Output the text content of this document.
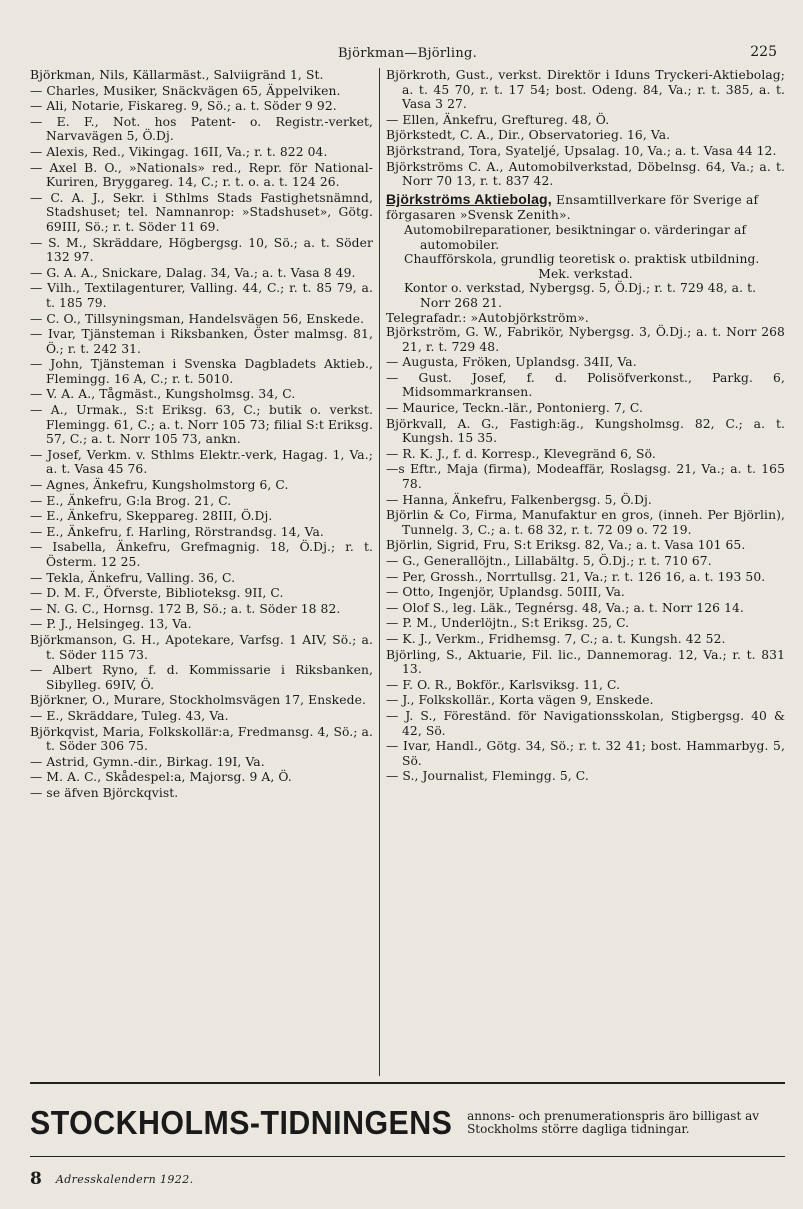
Björkman—Björling.	225

Björkman, Nils, Källarmäst., Salviigränd 1, St.

— Charles, Musiker, Snäckvägen 65, Äppelviken.

— Ali, Notarie, Fiskareg. 9, Sö.; a. t. Söder 9 92.

— E. F., Not. hos Patent- o. Registr.-verket, Narvavägen 5, Ö.Dj.

— Alexis, Red., Vikingag. 16II, Va.; r. t. 822 04.

— Axel B. O., »Nationals» red., Repr. för National-Kuriren, Bryggareg. 14, C.; r. t. o. a. t. 124 26.

— C. A. J., Sekr. i Sthlms Stads Fastighetsnämnd, Stadshuset; tel. Namnanrop: »Stadshuset», Götg. 69III, Sö.; r. t. Söder 11 69.

— S. M., Skräddare, Högbergsg. 10, Sö.; a. t. Söder 132 97.

— G. A. A., Snickare, Dalag. 34, Va.; a. t. Vasa 8 49.

— Vilh., Textilagenturer, Valling. 44, C.; r. t. 85 79, a. t. 185 79.

— C. O., Tillsyningsman, Handelsvägen 56, Enskede.

— Ivar, Tjänsteman i Riksbanken, Öster malmsg. 81, Ö.; r. t. 242 31.

— John, Tjänsteman i Svenska Dagbladets Aktieb., Flemingg. 16 A, C.; r. t. 5010.

— V. A. A., Tågmäst., Kungsholmsg. 34, C.

— A., Urmak., S:t Eriksg. 63, C.; butik o. verkst. Flemingg. 61, C.; a. t. Norr 105 73; filial S:t Eriksg. 57, C.; a. t. Norr 105 73, ankn.

— Josef, Verkm. v. Sthlms Elektr.-verk, Hagag. 1, Va.; a. t. Vasa 45 76.

— Agnes, Änkefru, Kungsholmstorg 6, C.

— E., Änkefru, G:la Brog. 21, C.

— E., Änkefru, Skeppareg. 28III, Ö.Dj.

— E., Änkefru, f. Harling, Rörstrandsg. 14, Va.

— Isabella, Änkefru, Grefmagnig. 18, Ö.Dj.; r. t. Österm. 12 25.

— Tekla, Änkefru, Valling. 36, C.

— D. M. F., Öfverste, Biblioteksg. 9II, C.

— N. G. C., Hornsg. 172 B, Sö.; a. t. Söder 18 82.

— P. J., Helsingeg. 13, Va.

Björkmanson, G. H., Apotekare, Varfsg. 1 AIV, Sö.; a. t. Söder 115 73.

— Albert Ryno, f. d. Kommissarie i Riksbanken, Sibylleg. 69IV, Ö.

Björkner, O., Murare, Stockholmsvägen 17, Enskede.

— E., Skräddare, Tuleg. 43, Va.

Björkqvist, Maria, Folkskollär:a, Fredmansg. 4, Sö.; a. t. Söder 306 75.

— Astrid, Gymn.-dir., Birkag. 19I, Va.

— M. A. C., Skådespel:a, Majorsg. 9 A, Ö.

— se äfven Björckqvist.

Björkroth, Gust., verkst. Direktör i Iduns Tryckeri-Aktiebolag; a. t. 45 70, r. t. 17 54; bost. Odeng. 84, Va.; r. t. 385, a. t. Vasa 3 27.

— Ellen, Änkefru, Greftureg. 48, Ö.

Björkstedt, C. A., Dir., Observatorieg. 16, Va.

Björkstrand, Tora, Syatelјé, Upsalag. 10, Va.; a. t. Vasa 44 12.

Björkströms C. A., Automobilverkstad, Döbelnsg. 64, Va.; a. t. Norr 70 13, r. t. 837 42.

Björkströms Aktiebolag, Ensamtillverkare för Sverige af förgasaren »Svensk Zenith».

Automobilreparationer, besiktningar o. värderingar af automobiler.

Chaufförskola, grundlig teoretisk o. praktisk utbildning.

Mek. verkstad.

Kontor o. verkstad, Nybergsg. 5, Ö.Dj.; r. t. 729 48, a. t. Norr 268 21.

Telegrafadr.: »Autobjörkström».

Björkström, G. W., Fabrikör, Nybergsg. 3, Ö.Dj.; a. t. Norr 268 21, r. t. 729 48.

— Augusta, Fröken, Uplandsg. 34II, Va.

— Gust. Josef, f. d. Polisöfverkonst., Parkg. 6, Midsommarkransen.

— Maurice, Teckn.-lär., Pontonierg. 7, C.

Björkvall, A. G., Fastigh:äg., Kungsholmsg. 82, C.; a. t. Kungsh. 15 35.

— R. K. J., f. d. Korresp., Klevegränd 6, Sö.

—s Eftr., Maja (firma), Modeaffär, Roslagsg. 21, Va.; a. t. 165 78.

— Hanna, Änkefru, Falkenbergsg. 5, Ö.Dj.

Björlin & Co, Firma, Manufaktur en gros, (inneh. Per Björlin), Tunnelg. 3, C.; a. t. 68 32, r. t. 72 09 o. 72 19.

Björlin, Sigrid, Fru, S:t Eriksg. 82, Va.; a. t. Vasa 101 65.

— G., Generallöjtn., Lillabältg. 5, Ö.Dj.; r. t. 710 67.

— Per, Grossh., Norrtullsg. 21, Va.; r. t. 126 16, a. t. 193 50.

— Otto, Ingenjör, Uplandsg. 50III, Va.

— Olof S., leg. Läk., Tegnérsg. 48, Va.; a. t. Norr 126 14.

— P. M., Underlöjtn., S:t Eriksg. 25, C.

— K. J., Verkm., Fridhemsg. 7, C.; a. t. Kungsh. 42 52.

Björling, S., Aktuarie, Fil. lic., Dannemorag. 12, Va.; r. t. 831 13.

— F. O. R., Bokför., Karlsviksg. 11, C.

— J., Folkskollär., Korta vägen 9, Enskede.

— J. S., Föreständ. för Navigationsskolan, Stigbergsg. 40 & 42, Sö.

— Ivar, Handl., Götg. 34, Sö.; r. t. 32 41; bost. Hammarbyg. 5, Sö.

— S., Journalist, Flemingg. 5, C.

STOCKHOLMS-TIDNINGENS annons- och prenumerationspris äro billigast av Stockholms större dagliga tidningar.
8 Adresskalendern 1922.
